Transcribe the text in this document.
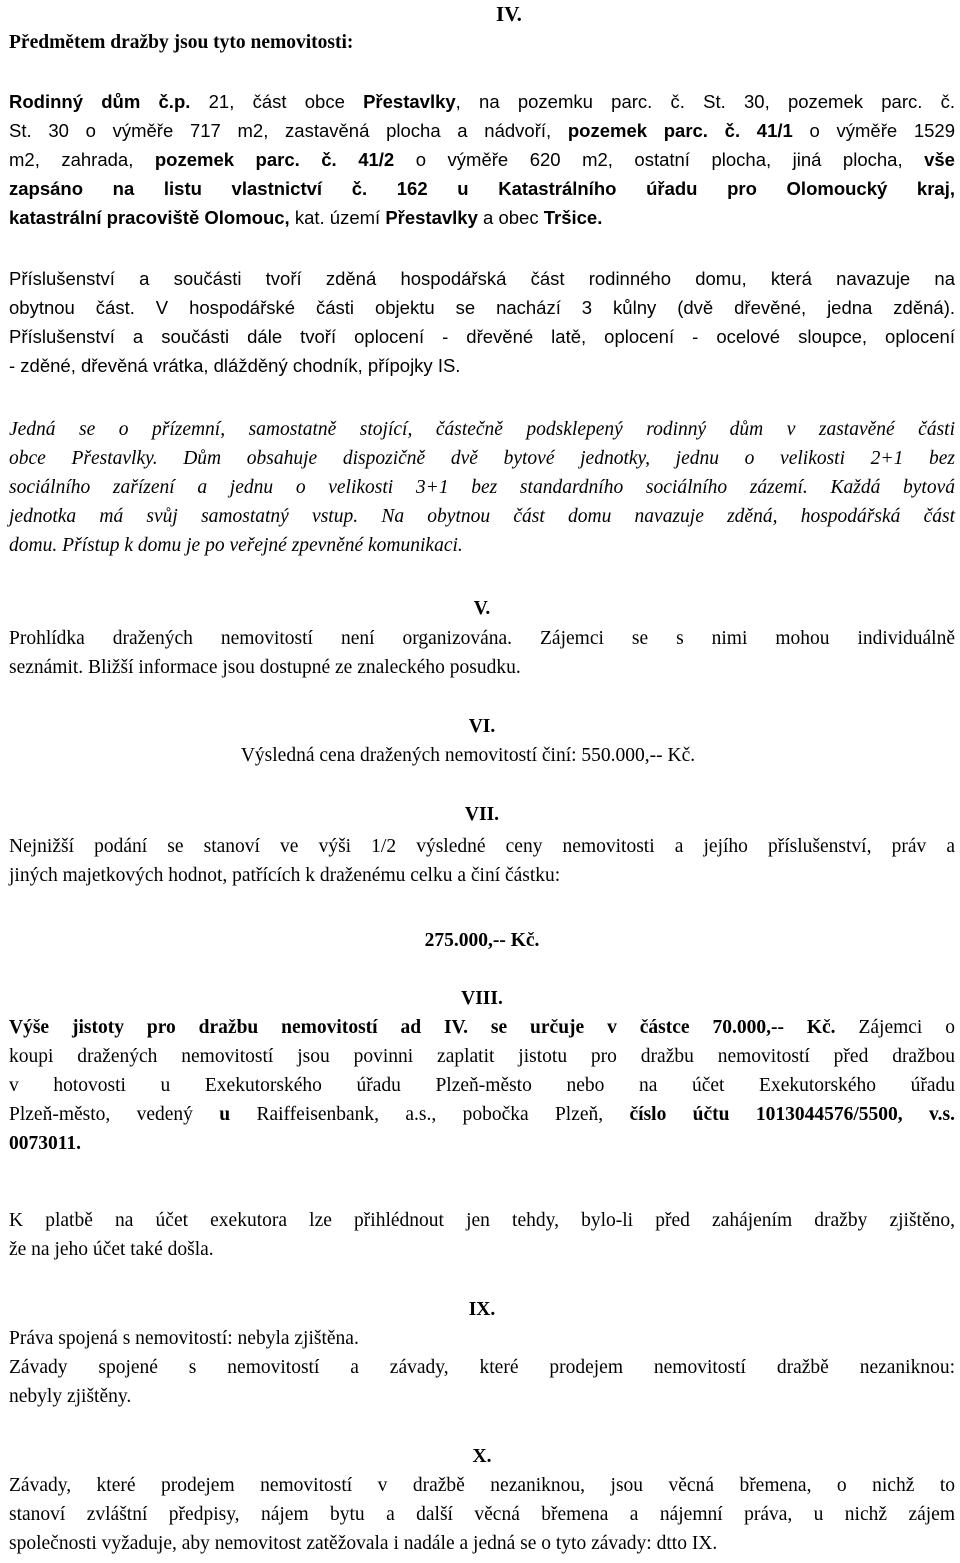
IV.
Předmětem dražby jsou tyto nemovitosti:
Rodinný dům č.p. 21, část obce Přestavlky, na pozemku parc. č. St. 30, pozemek parc. č.
St. 30 o výměře 717 m2, zastavěná plocha a nádvoří, pozemek parc. č. 41/1 o výměře 1529
m2, zahrada, pozemek parc. č. 41/2 o výměře 620 m2, ostatní plocha, jiná plocha, vše
zapsáno na listu vlastnictví č. 162 u Katastrálního úřadu pro Olomoucký kraj,
katastrální pracoviště Olomouc, kat. území Přestavlky a obec Tršice.
Příslušenství a součásti tvoří zděná hospodářská část rodinného domu, která navazuje na
obytnou část. V hospodářské části objektu se nachází 3 kůlny (dvě dřevěné, jedna zděná).
Příslušenství a součásti dále tvoří oplocení - dřevěné latě, oplocení - ocelové sloupce, oplocení
- zděné, dřevěná vrátka, dlážděný chodník, přípojky IS.
Jedná se o přízemní, samostatně stojící, částečně podsklepený rodinný dům v zastavěné části
obce Přestavlky. Dům obsahuje dispozičně dvě bytové jednotky, jednu o velikosti 2+1 bez
sociálního zařízení a jednu o velikosti 3+1 bez standardního sociálního zázemí. Každá bytová
jednotka má svůj samostatný vstup. Na obytnou část domu navazuje zděná, hospodářská část
domu. Přístup k domu je po veřejné zpevněné komunikaci.
V.
Prohlídka dražených nemovitostí není organizována. Zájemci se s nimi mohou individuálně
seznámit. Bližší informace jsou dostupné ze znaleckého posudku.
VI.
Výsledná cena dražených nemovitostí činí: 550.000,-- Kč.
VII.
Nejnižší podání se stanoví ve výši 1/2 výsledné ceny nemovitosti a jejího příslušenství, práv a
jiných majetkových hodnot, patřících k draženému celku a činí částku:
275.000,-- Kč.
VIII.
Výše jistoty pro dražbu nemovitostí ad IV. se určuje v částce 70.000,-- Kč. Zájemci o
koupi dražených nemovitostí jsou povinni zaplatit jistotu pro dražbu nemovitostí před dražbou
v hotovosti u Exekutorského úřadu Plzeň-město nebo na účet Exekutorského úřadu
Plzeň-město, vedený u Raiffeisenbank, a.s., pobočka Plzeň, číslo účtu 1013044576/5500, v.s.
0073011.
K platbě na účet exekutora lze přihlédnout jen tehdy, bylo-li před zahájením dražby zjištěno,
že na jeho účet také došla.
IX.
Práva spojená s nemovitostí: nebyla zjištěna.
Závady spojené s nemovitostí a závady, které prodejem nemovitostí dražbě nezaniknou:
nebyly zjištěny.
X.
Závady, které prodejem nemovitostí v dražbě nezaniknou, jsou věcná břemena, o nichž to
stanoví zvláštní předpisy, nájem bytu a další věcná břemena a nájemní práva, u nichž zájem
společnosti vyžaduje, aby nemovitost zatěžovala i nadále a jedná se o tyto závady: dtto IX.
